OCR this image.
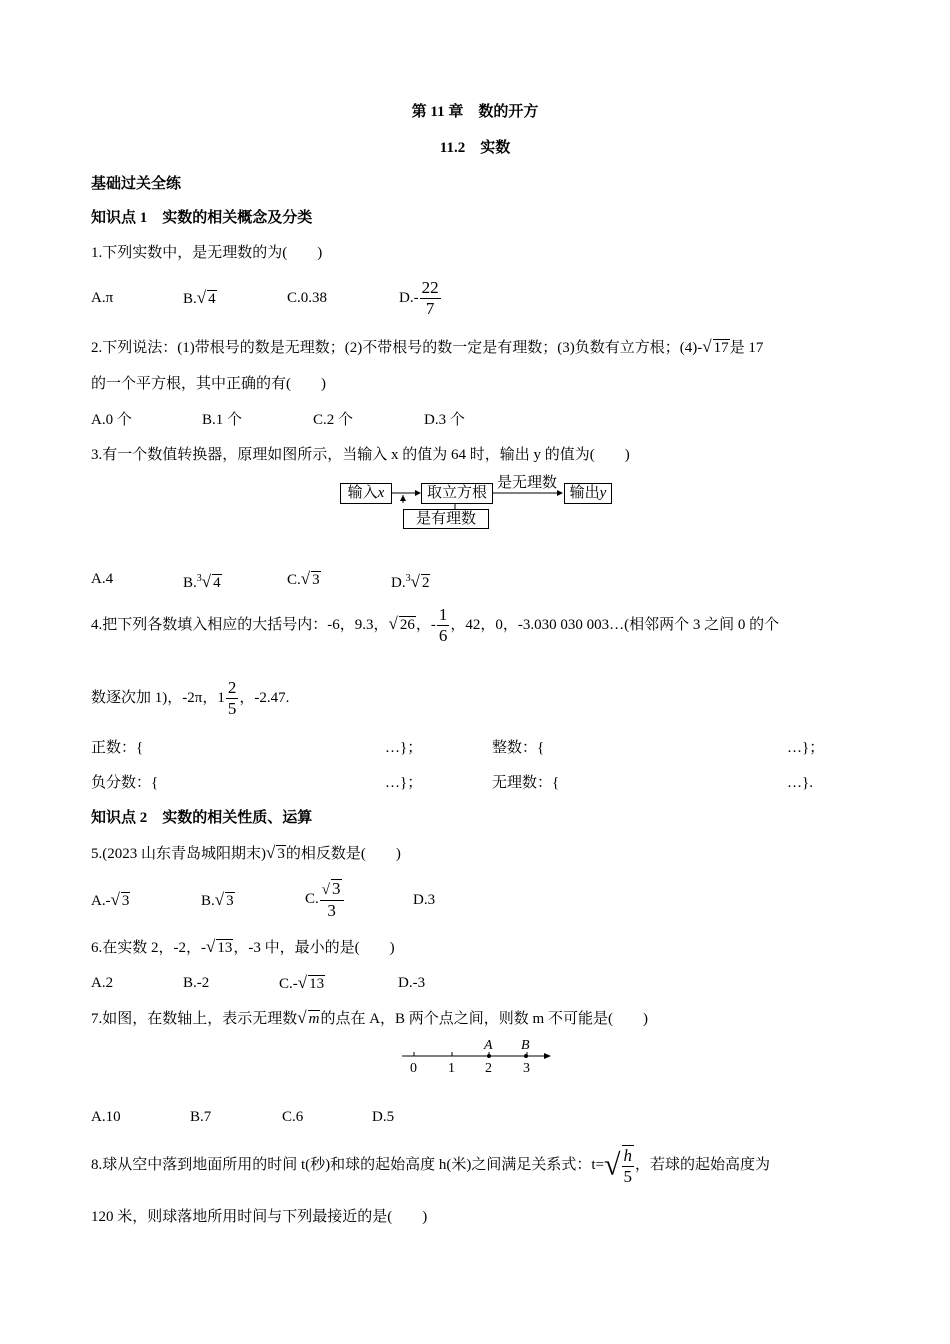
第 11 章　数的开方
11.2　实数
基础过关全练
知识点 1　实数的相关概念及分类
1.下列实数中，是无理数的为(　　)
A.π	B.√ 4	C.0.38	$D.- \frac{22}{7}$
2.下列说法：(1)带根号的数是无理数；(2)不带根号的数一定是有理数；(3)负数有立方根；(4)-√ 17是 17
的一个平方根，其中正确的有(　　)
A.0 个	B.1 个	C.2 个	D.3 个
3.有一个数值转换器，原理如图所示，当输入 x 的值为 64 时，输出 y 的值为(　　)
输入x	取立方根
是无理数
输出y
是有理数
A.4	B.$^3$√ 4	C.√ 3	D.$^3$√ 2
4.把下列各数填入相应的大括号内：-6，9.3，√ 26，- $\frac{1}{6}$ ，42，0，-3.030 030 003…(相邻两个 3 之间 0 的个
数逐次加 1)，-2π，$1 \frac{2}{5}$ ，-2.47.
正数：{	…}；	整数：{	…}；
负分数：{	…}；	无理数：{	…}.
知识点 2　实数的相关性质、运算
5.(2023 山东青岛城阳期末)√ 3的相反数是(　　)
A.-√ 3	B.√ 3	C. $\frac{√ 3}{3}$	D.3
6.在实数 2，-2，-√ 13，-3 中，最小的是(　　)
A.2	B.-2	C.-√ 13	D.-3
7.如图，在数轴上，表示无理数√ m的点在 A，B 两个点之间，则数 m 不可能是(　　)
0 1 2 3
A B
A.10	B.7	C.6	D.5
8.球从空中落到地面所用的时间 t(秒)和球的起始高度 h(米)之间满足关系式：$t=√ \frac{h}{5}$ ，若球的起始高度为
120 米，则球落地所用时间与下列最接近的是(　　)
